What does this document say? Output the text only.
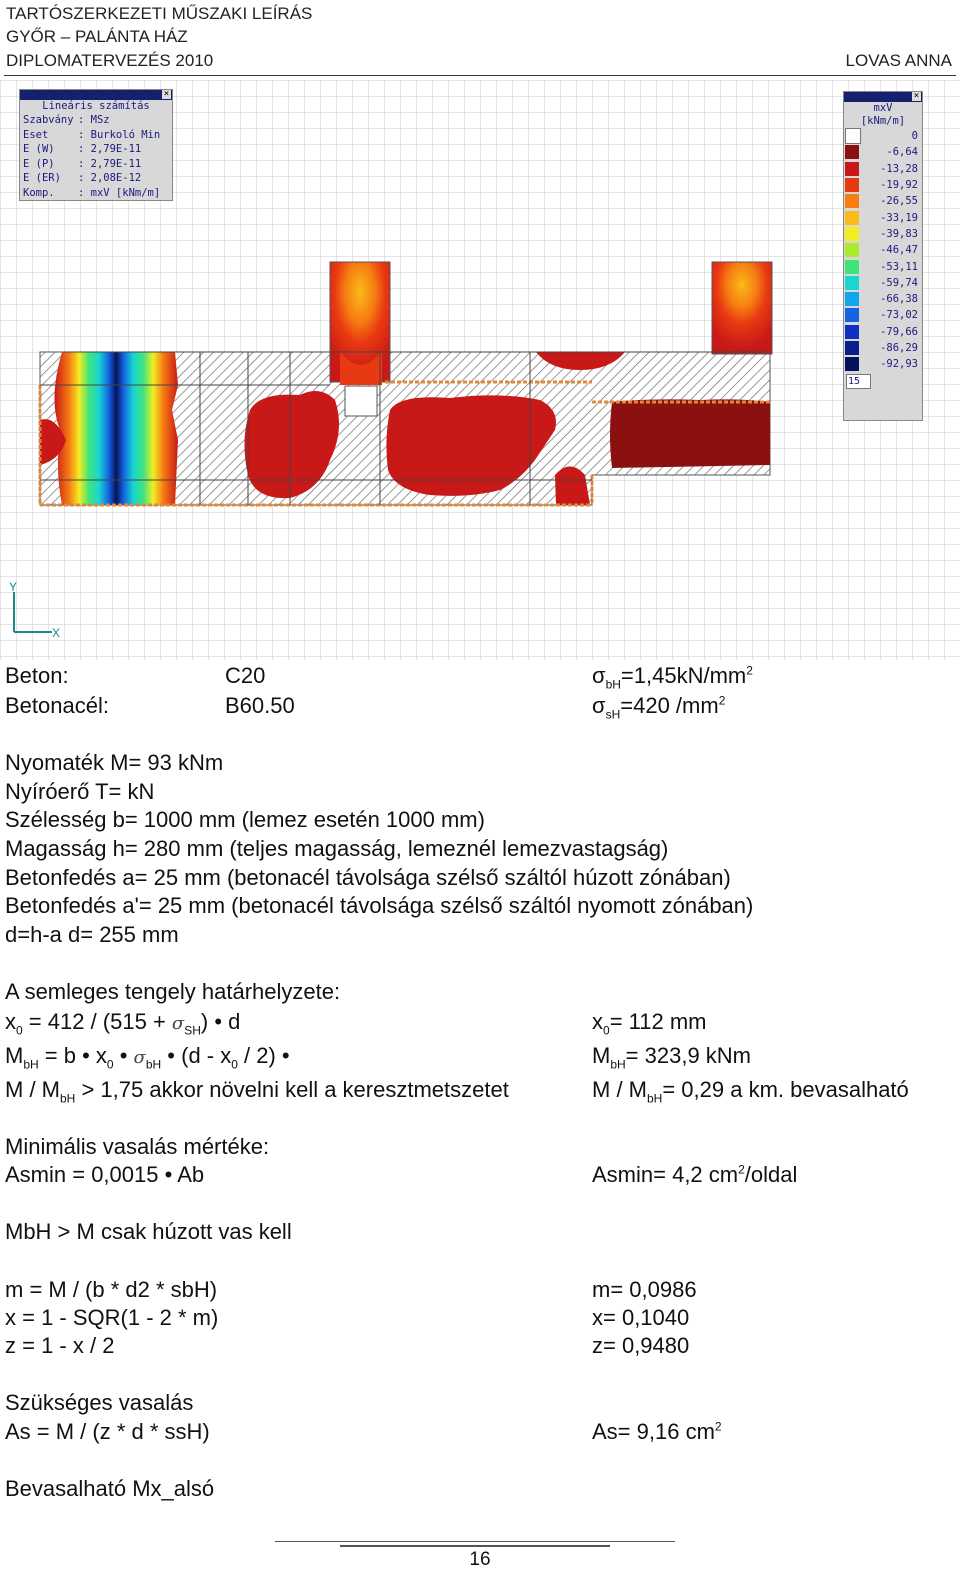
TARTÓSZERKEZETI MŰSZAKI LEÍRÁS
GYŐR – PALÁNTA HÁZ
DIPLOMATERVEZÉS 2010	LOVAS ANNA
Y
X
×
Lineáris számítás
Szabvány : MSz
Eset	: Burkoló Min
E (W)	: 2,79E-11
E (P)	: 2,79E-11
E (ER)	: 2,08E-12
Komp.	: mxV [kNm/m]
×
mxV
[kNm/m]
0
-6,64
-13,28
-19,92
-26,55
-33,19
-39,83
-46,47
-53,11
-59,74
-66,38
-73,02
-79,66
-86,29
-92,93
15
Beton:	C20	$\sigma_{bH}=1,45kN/mm^2$
Betonacél:	B60.50	$\sigma_{sH}=420$ $/mm^2$
Nyomaték M= 93 kNm
Nyíróerő T= kN
Szélesség b= 1000 mm (lemez esetén 1000 mm)
Magasság h= 280 mm (teljes magasság, lemeznél lemezvastagság)
Betonfedés a= 25 mm (betonacél távolsága szélső száltól húzott zónában)
Betonfedés a'= 25 mm (betonacél távolsága szélső száltól nyomott zónában)
d=h-a d= 255 mm
A semleges tengely határhelyzete:
$x_0 = 412 / (515 + \sigma_{SH})$ • d	$x_0= 112$ mm
$M_{bH} = b$ • $x_0$ • $\sigma_{bH}$ • $(d - x_0 / 2)$ •	$M_{bH}= 323,9$ kNm
$M / M_{bH} > 1,75$ akkor növelni kell a keresztmetszetet	$M / M_{bH}= 0,29$ a km. bevasalható
Minimális vasalás mértéke:
Asmin = 0,0015 • Ab	Asmin= 4,2 $cm^2$/oldal
MbH > M csak húzott vas kell
m = M / (b * d2 * sbH)	m= 0,0986
x = 1 - SQR(1 - 2 * m)	x= 0,1040
z = 1 - x / 2	z= 0,9480
Szükséges vasalás
As = M / (z * d * ssH)	As= 9,16 $cm^2$
Bevasalható Mx_alsó
16
